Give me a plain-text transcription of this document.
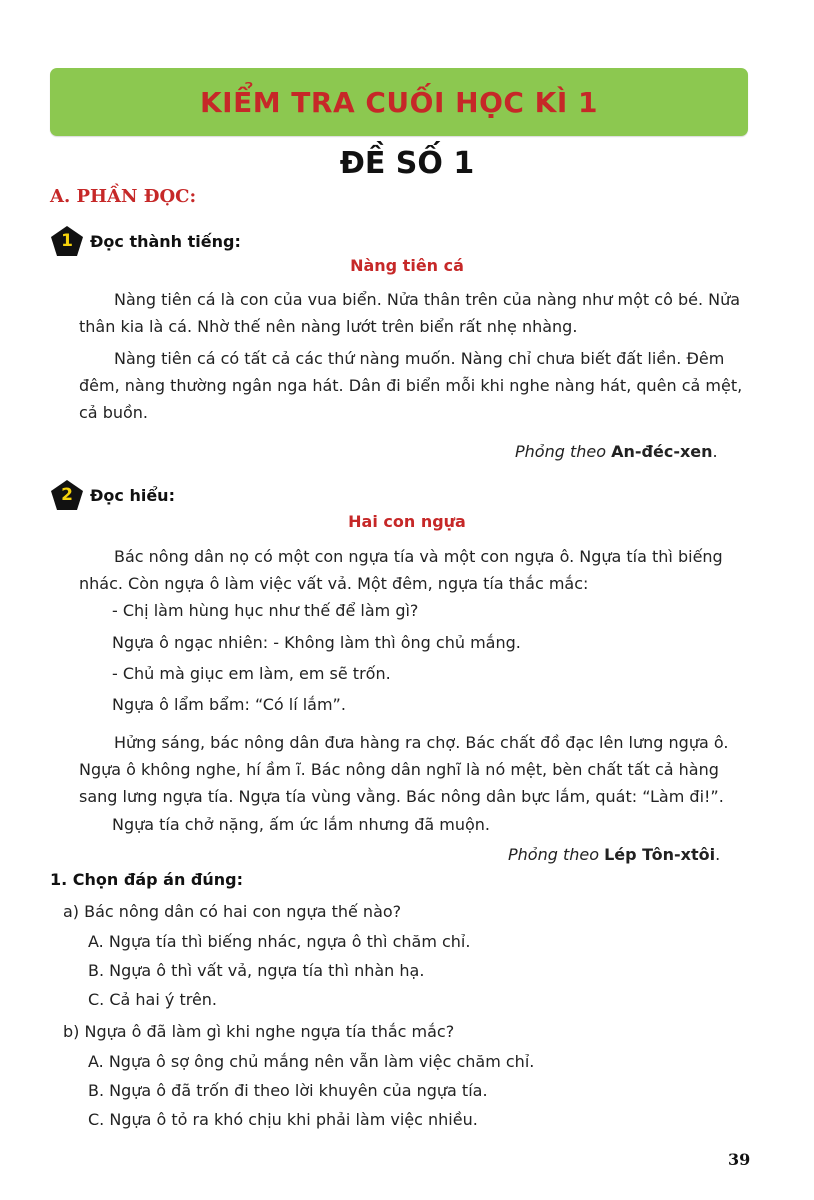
KIỂM TRA CUỐI HỌC KÌ 1
ĐỀ SỐ 1
A. PHẦN ĐỌC:
1	Đọc thành tiếng:
Nàng tiên cá

Nàng tiên cá là con của vua biển. Nửa thân trên của nàng như một cô bé. Nửa thân kia là cá. Nhờ thế nên nàng lướt trên biển rất nhẹ nhàng.

Nàng tiên cá có tất cả các thứ nàng muốn. Nàng chỉ chưa biết đất liền. Đêm đêm, nàng thường ngân nga hát. Dân đi biển mỗi khi nghe nàng hát, quên cả mệt, cả buồn.

Phỏng theo An-đéc-xen.
2	Đọc hiểu:
Hai con ngựa

Bác nông dân nọ có một con ngựa tía và một con ngựa ô. Ngựa tía thì biếng nhác. Còn ngựa ô làm việc vất vả. Một đêm, ngựa tía thắc mắc:

- Chị làm hùng hục như thế để làm gì?
Ngựa ô ngạc nhiên: - Không làm thì ông chủ mắng.
- Chủ mà giục em làm, em sẽ trốn.
Ngựa ô lẩm bẩm: “Có lí lắm”.

Hửng sáng, bác nông dân đưa hàng ra chợ. Bác chất đồ đạc lên lưng ngựa ô. Ngựa ô không nghe, hí ầm ĩ. Bác nông dân nghĩ là nó mệt, bèn chất tất cả hàng sang lưng ngựa tía. Ngựa tía vùng vằng. Bác nông dân bực lắm, quát: “Làm đi!”.

Ngựa tía chở nặng, ấm ức lắm nhưng đã muộn.
Phỏng theo Lép Tôn-xtôi.
1. Chọn đáp án đúng:
a) Bác nông dân có hai con ngựa thế nào?
A. Ngựa tía thì biếng nhác, ngựa ô thì chăm chỉ.
B. Ngựa ô thì vất vả, ngựa tía thì nhàn hạ.
C. Cả hai ý trên.
b) Ngựa ô đã làm gì khi nghe ngựa tía thắc mắc?
A. Ngựa ô sợ ông chủ mắng nên vẫn làm việc chăm chỉ.
B. Ngựa ô đã trốn đi theo lời khuyên của ngựa tía.
C. Ngựa ô tỏ ra khó chịu khi phải làm việc nhiều.
39
